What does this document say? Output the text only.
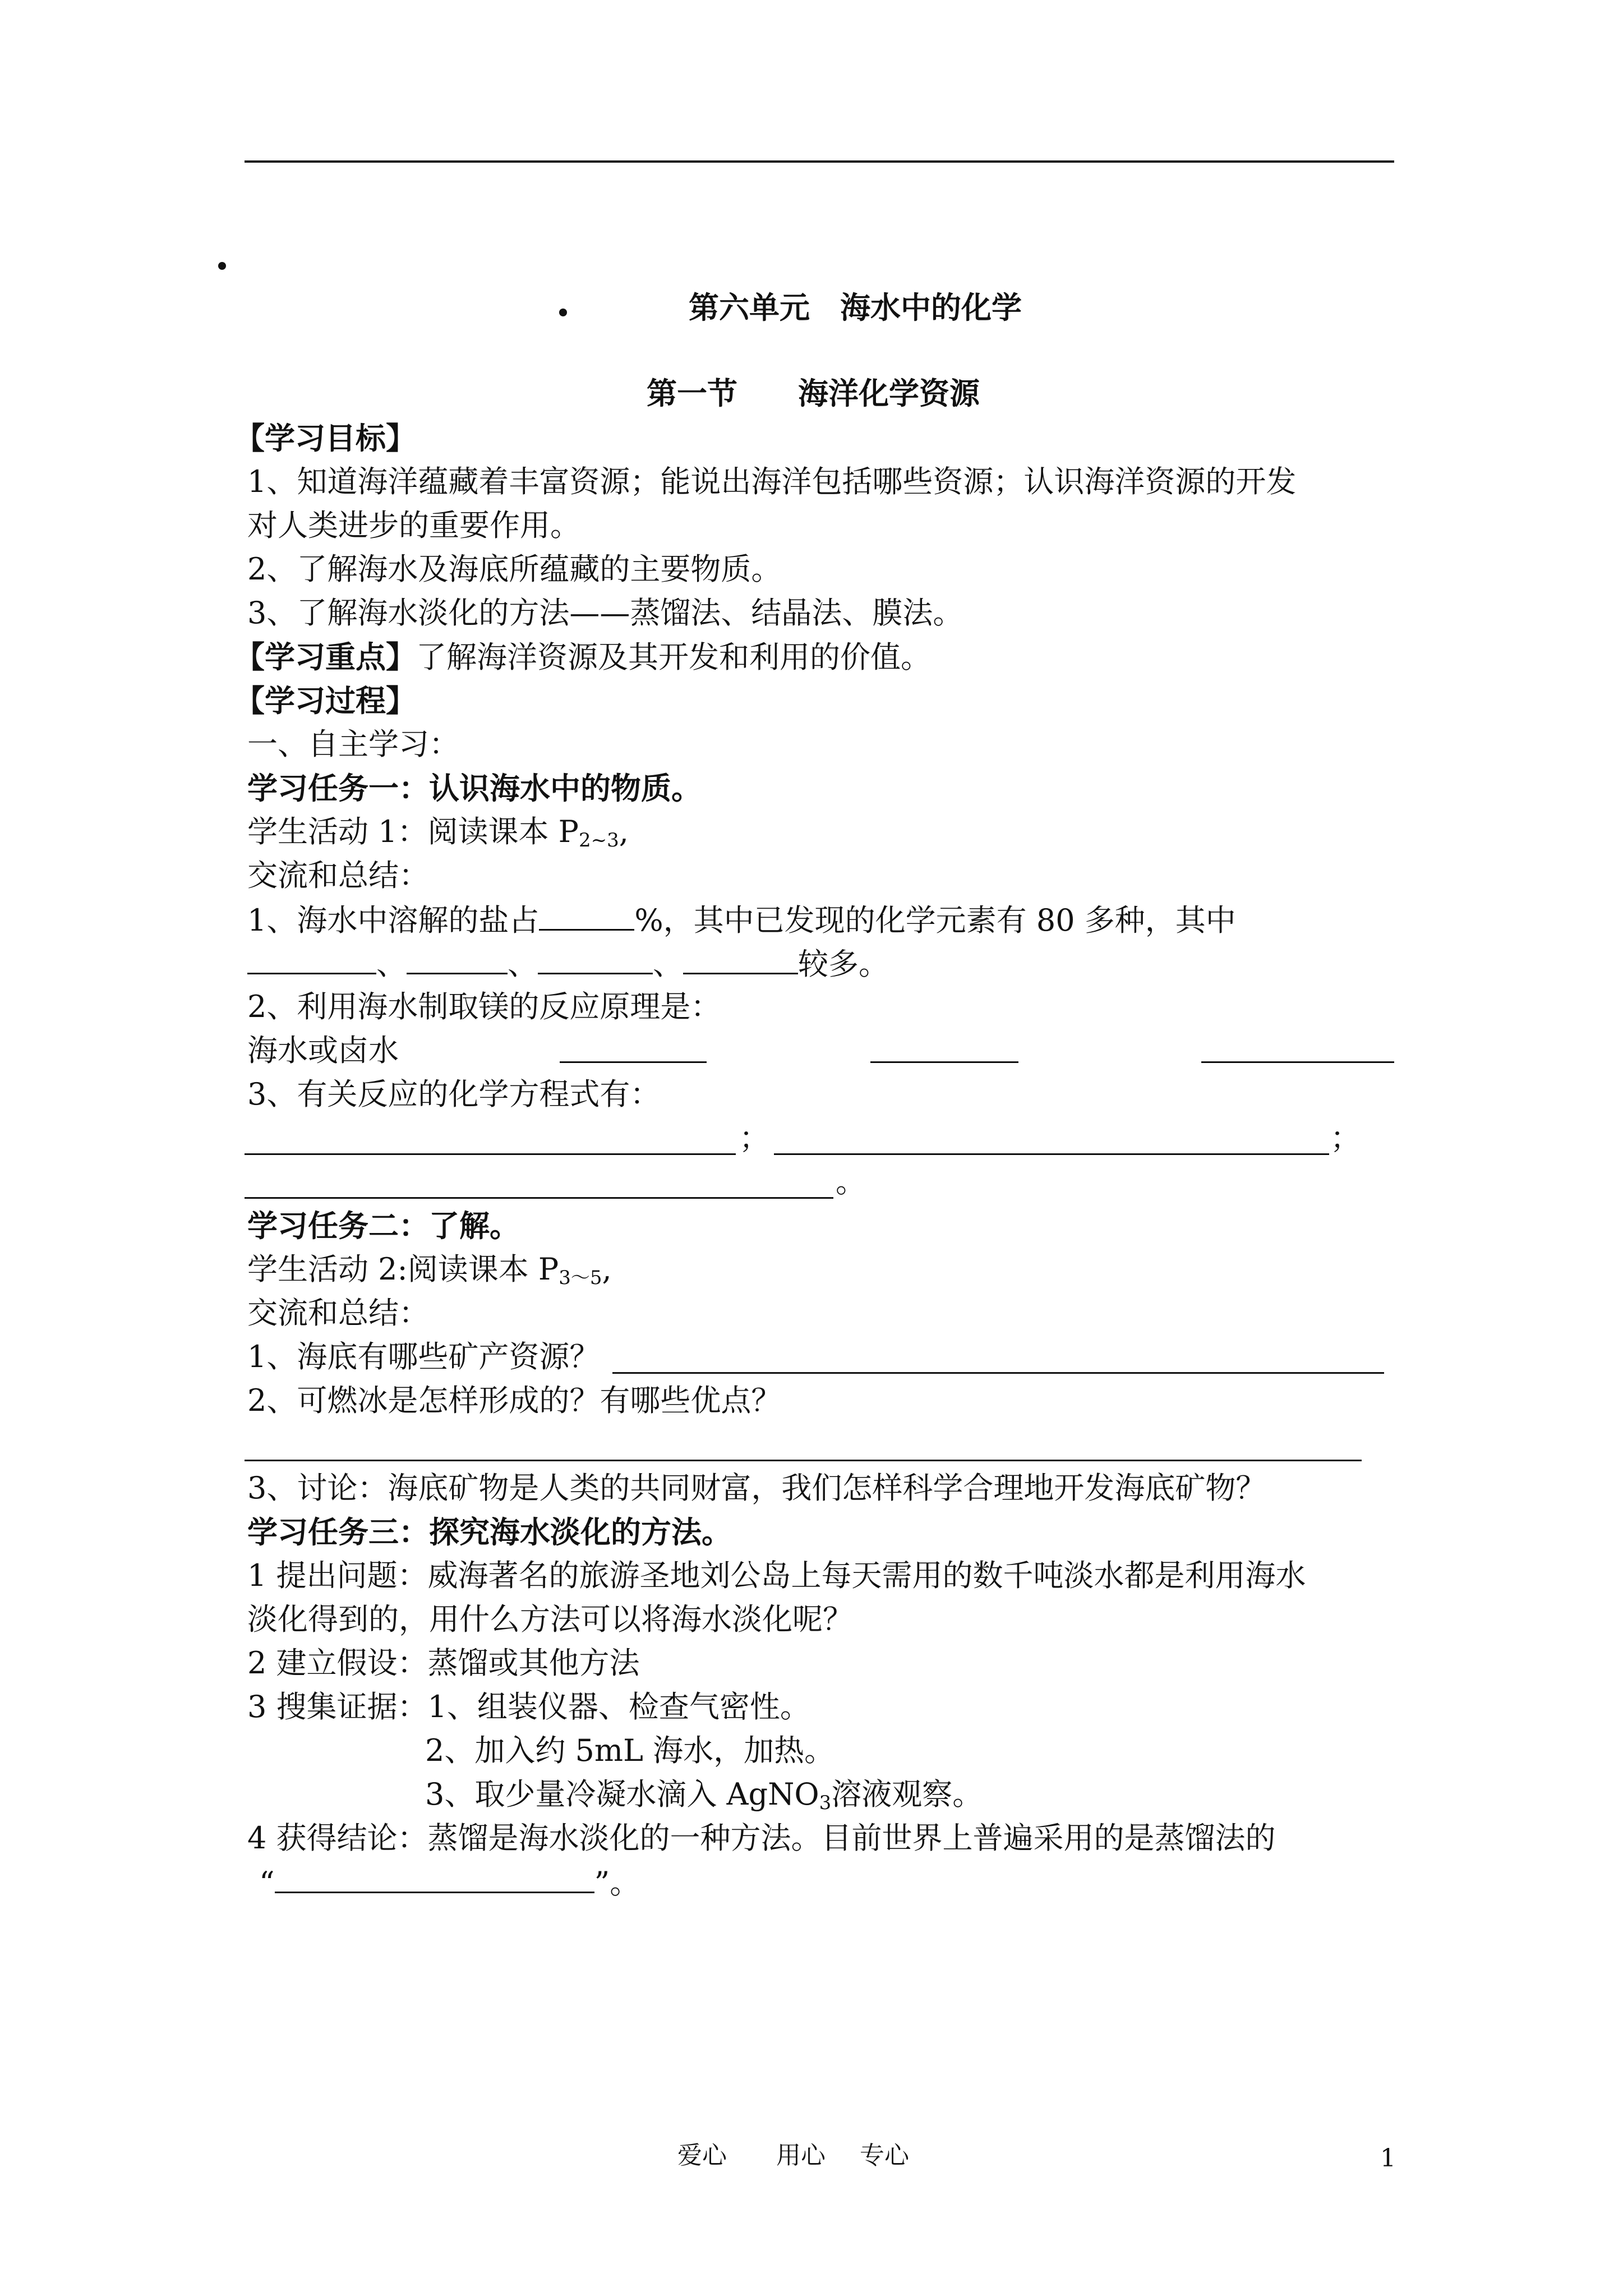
第六单元　海水中的化学
第一节　　海洋化学资源
【学习目标】
1、知道海洋蕴藏着丰富资源；能说出海洋包括哪些资源；认识海洋资源的开发
对人类进步的重要作用。
2、了解海水及海底所蕴藏的主要物质。
3、了解海水淡化的方法——蒸馏法、结晶法、膜法。
【学习重点】了解海洋资源及其开发和利用的价值。
【学习过程】
一、自主学习：
学习任务一：认识海水中的物质。
学生活动 1：阅读课本 $P_{2\sim 3}$,
交流和总结：
1、海水中溶解的盐占	%，其中已发现的化学元素有 80 多种，其中
、	、	、	较多。
2、利用海水制取镁的反应原理是：
海水或卤水
3、有关反应的化学方程式有：
；	；
。
学习任务二：了解。
学生活动 2:阅读课本 $P_{3\sim 5}$,
交流和总结：
1、海底有哪些矿产资源？
2、可燃冰是怎样形成的？有哪些优点？
3、讨论：海底矿物是人类的共同财富，我们怎样科学合理地开发海底矿物？
学习任务三：探究海水淡化的方法。
1 提出问题：威海著名的旅游圣地刘公岛上每天需用的数千吨淡水都是利用海水
淡化得到的，用什么方法可以将海水淡化呢？
2 建立假设：蒸馏或其他方法
3 搜集证据：1、组装仪器、检查气密性。
2、加入约 5mL 海水，加热。
3、取少量冷凝水滴入 AgNO$_3$溶液观察。
4 获得结论：蒸馏是海水淡化的一种方法。目前世界上普遍采用的是蒸馏法的
“	”。
爱心 用心 专心	1
